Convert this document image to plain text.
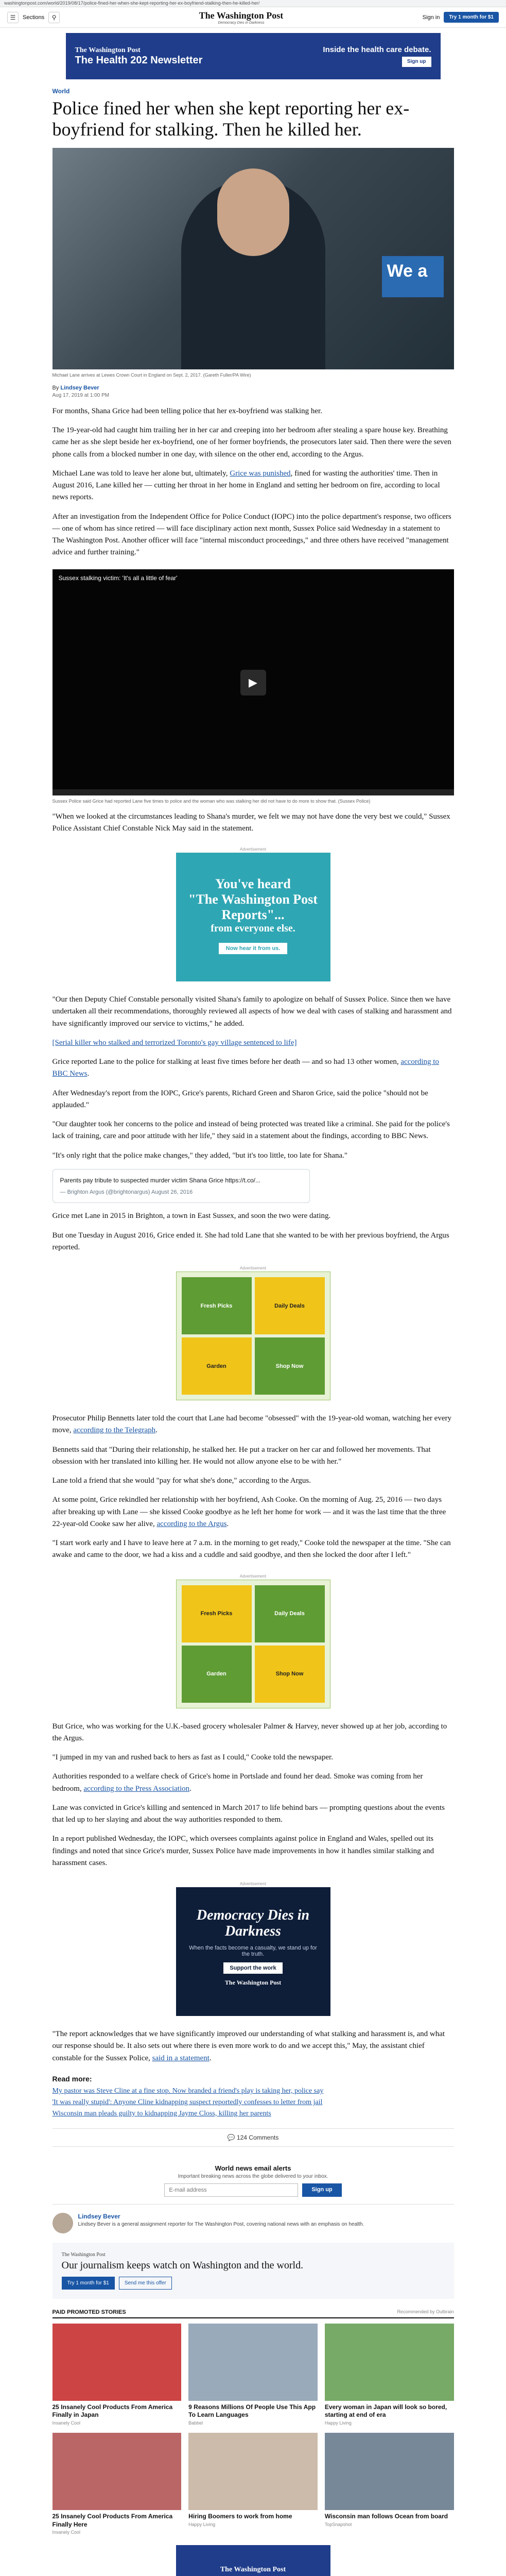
washingtonpost.com/world/2019/08/17/police-fined-her-when-she-kept-reporting-her-ex-boyfriend-stalking-then-he-killed-her/
☰	Sections	⚲	The Washington Post
Democracy Dies in Darkness
Sign in	Try 1 month for $1
The Washington Post
The Health 202 Newsletter
Inside the health care debate.
Sign up
World
Police fined her when she kept reporting her ex-boyfriend for stalking. Then he killed her.
We a
Michael Lane arrives at Lewes Crown Court in England on Sept. 2, 2017. (Gareth Fuller/PA Wire)
By Lindsey Bever
Aug 17, 2019 at 1:00 PM

For months, Shana Grice had been telling police that her ex-boyfriend was stalking her.

The 19-year-old had caught him trailing her in her car and creeping into her bedroom after stealing a spare house key. Breathing came her as she slept beside her ex-boyfriend, one of her former boyfriends, the prosecutors later said. Then there were the seven phone calls from a blocked number in one day, with silence on the other end, according to the Argus.

Michael Lane was told to leave her alone but, ultimately, Grice was punished, fined for wasting the authorities' time. Then in August 2016, Lane killed her — cutting her throat in her home in England and setting her bedroom on fire, according to local news reports.

After an investigation from the Independent Office for Police Conduct (IOPC) into the police department's response, two officers — one of whom has since retired — will face disciplinary action next month, Sussex Police said Wednesday in a statement to The Washington Post. Another officer will face "internal misconduct proceedings," and three others have received "management advice and further training."

Sussex stalking victim: 'It's all a little of fear'
▶
Sussex Police said Grice had reported Lane five times to police and the woman who was stalking her did not have to do more to show that. (Sussex Police)

"When we looked at the circumstances leading to Shana's murder, we felt we may not have done the very best we could," Sussex Police Assistant Chief Constable Nick May said in the statement.

Advertisement
You've heard
"The Washington Post Reports"...
from everyone else.
Now hear it from us.

"Our then Deputy Chief Constable personally visited Shana's family to apologize on behalf of Sussex Police. Since then we have undertaken all their recommendations, thoroughly reviewed all aspects of how we deal with cases of stalking and harassment and have significantly improved our service to victims," he added.

[Serial killer who stalked and terrorized Toronto's gay village sentenced to life]

Grice reported Lane to the police for stalking at least five times before her death — and so had 13 other women, according to BBC News.

After Wednesday's report from the IOPC, Grice's parents, Richard Green and Sharon Grice, said the police "should not be applauded."

"Our daughter took her concerns to the police and instead of being protected was treated like a criminal. She paid for the police's lack of training, care and poor attitude with her life," they said in a statement about the findings, according to BBC News.

"It's only right that the police make changes," they added, "but it's too little, too late for Shana."

Parents pay tribute to suspected murder victim Shana Grice https://t.co/...
— Brighton Argus (@brightonargus) August 26, 2016

Grice met Lane in 2015 in Brighton, a town in East Sussex, and soon the two were dating.

But one Tuesday in August 2016, Grice ended it. She had told Lane that she wanted to be with her previous boyfriend, the Argus reported.

Advertisement
Fresh Picks	Daily Deals
Garden	Shop Now

Prosecutor Philip Bennetts later told the court that Lane had become "obsessed" with the 19-year-old woman, watching her every move, according to the Telegraph.

Bennetts said that "During their relationship, he stalked her. He put a tracker on her car and followed her movements. That obsession with her translated into killing her. He would not allow anyone else to be with her."

Lane told a friend that she would "pay for what she's done," according to the Argus.

At some point, Grice rekindled her relationship with her boyfriend, Ash Cooke. On the morning of Aug. 25, 2016 — two days after breaking up with Lane — she kissed Cooke goodbye as he left her home for work — and it was the last time that the three 22-year-old Cooke saw her alive, according to the Argus.

"I start work early and I have to leave here at 7 a.m. in the morning to get ready," Cooke told the newspaper at the time. "She can awake and came to the door, we had a kiss and a cuddle and said goodbye, and then she locked the door after I left."

Advertisement
Fresh Picks	Daily Deals
Garden	Shop Now

But Grice, who was working for the U.K.-based grocery wholesaler Palmer & Harvey, never showed up at her job, according to the Argus.

"I jumped in my van and rushed back to hers as fast as I could," Cooke told the newspaper.

Authorities responded to a welfare check of Grice's home in Portslade and found her dead. Smoke was coming from her bedroom, according to the Press Association.

Lane was convicted in Grice's killing and sentenced in March 2017 to life behind bars — prompting questions about the events that led up to her slaying and about the way authorities responded to them.

In a report published Wednesday, the IOPC, which oversees complaints against police in England and Wales, spelled out its findings and noted that since Grice's murder, Sussex Police have made improvements in how it handles similar stalking and harassment cases.

Advertisement
Democracy Dies in Darkness
When the facts become a casualty, we stand up for the truth.
Support the work
The Washington Post

"The report acknowledges that we have significantly improved our understanding of what stalking and harassment is, and what our response should be. It also sets out where there is even more work to do and we accept this," May, the assistant chief constable for the Sussex Police, said in a statement.

Read more:
My pastor was Steve Cline at a fine stop. Now branded a friend's play is taking her, police say
'It was really stupid': Anyone Cline kidnapping suspect reportedly confesses to letter from jail
Wisconsin man pleads guilty to kidnapping Jayme Closs, killing her parents
💬 124 Comments
World news email alerts
Important breaking news across the globe delivered to your inbox.
E-mail address
Sign up
Lindsey Bever
Lindsey Bever is a general assignment reporter for The Washington Post, covering national news with an emphasis on health.
The Washington Post
Our journalism keeps watch on Washington and the world.
Try 1 month for $1	Send me this offer
PAID PROMOTED STORIES	Recommended by Outbrain
25 Insanely Cool Products From America Finally in Japan
Insanely Cool
9 Reasons Millions Of People Use This App To Learn Languages
Babbel
Every woman in Japan will look so bored, starting at end of era
Happy Living
25 Insanely Cool Products From America Finally Here
Insanely Cool
Hiring Boomers to work from home
Happy Living
Wisconsin man follows Ocean from board
TopSnapshot
The Washington Post
